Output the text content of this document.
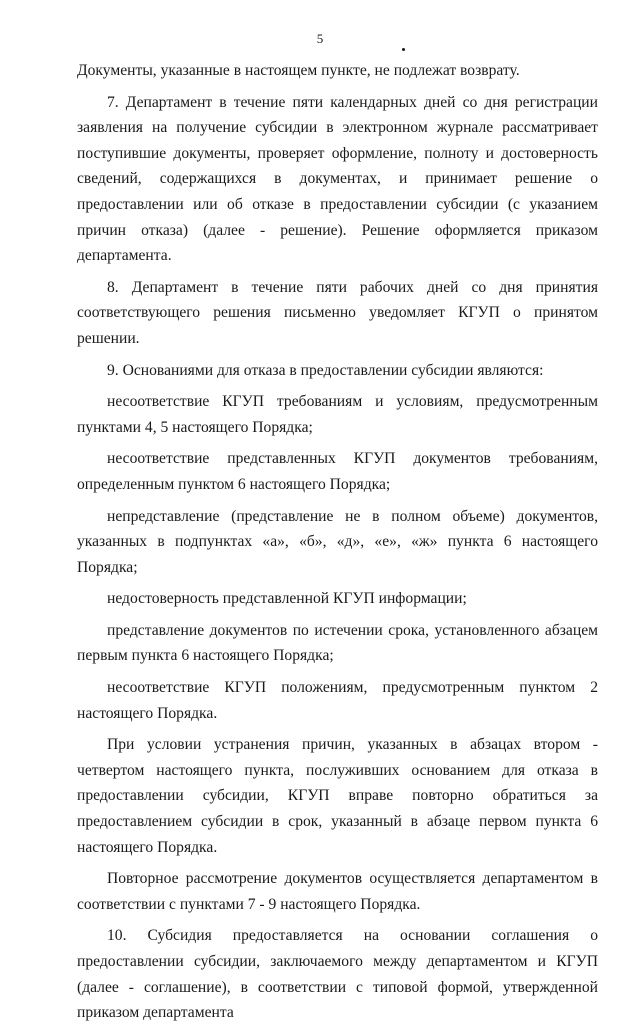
5

Документы, указанные в настоящем пункте, не подлежат возврату.

7. Департамент в течение пяти календарных дней со дня регистрации заявления на получение субсидии в электронном журнале рассматривает поступившие документы, проверяет оформление, полноту и достоверность сведений, содержащихся в документах, и принимает решение о предоставлении или об отказе в предоставлении субсидии (с указанием причин отказа) (далее - решение). Решение оформляется приказом департамента.

8. Департамент в течение пяти рабочих дней со дня принятия соответствующего решения письменно уведомляет КГУП о принятом решении.

9. Основаниями для отказа в предоставлении субсидии являются:

несоответствие КГУП требованиям и условиям, предусмотренным пунктами 4, 5 настоящего Порядка;

несоответствие представленных КГУП документов требованиям, определенным пунктом 6 настоящего Порядка;

непредставление (представление не в полном объеме) документов, указанных в подпунктах «а», «б», «д», «е», «ж» пункта 6 настоящего Порядка;

недостоверность представленной КГУП информации;

представление документов по истечении срока, установленного абзацем первым пункта 6 настоящего Порядка;

несоответствие КГУП положениям, предусмотренным пунктом 2 настоящего Порядка.

При условии устранения причин, указанных в абзацах втором - четвертом настоящего пункта, послуживших основанием для отказа в предоставлении субсидии, КГУП вправе повторно обратиться за предоставлением субсидии в срок, указанный в абзаце первом пункта 6 настоящего Порядка.

Повторное рассмотрение документов осуществляется департаментом в соответствии с пунктами 7 - 9 настоящего Порядка.

10. Субсидия предоставляется на основании соглашения о предоставлении субсидии, заключаемого между департаментом и КГУП (далее - соглашение), в соответствии с типовой формой, утвержденной приказом департамента
